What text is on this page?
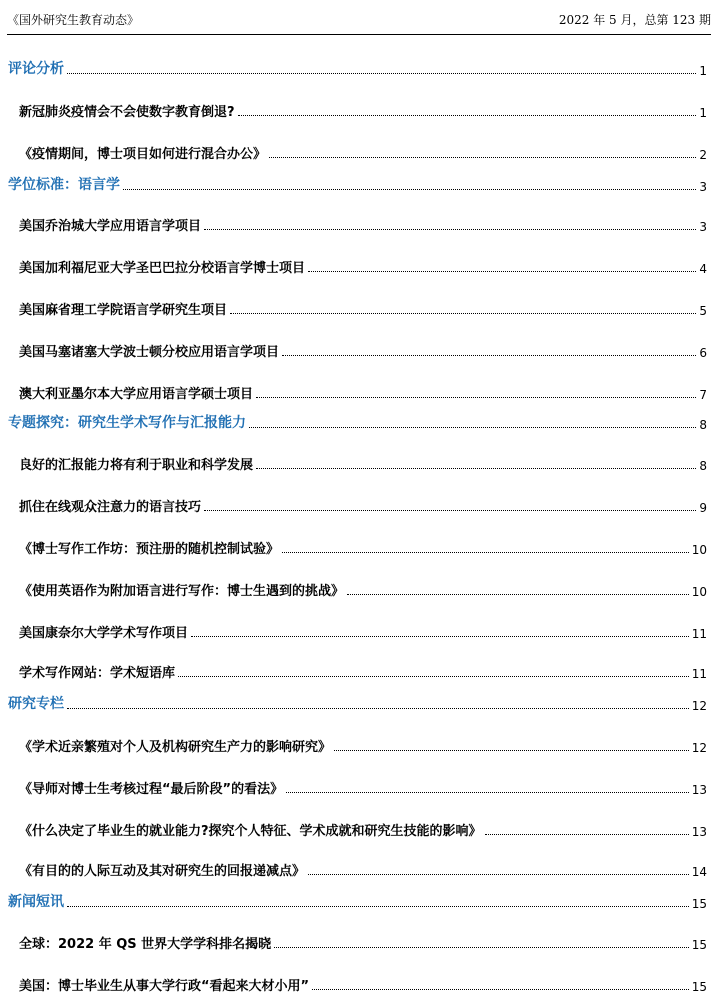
《国外研究生教育动态》	2022 年 5 月，总第 123 期
评论分析	1
新冠肺炎疫情会不会使数字教育倒退?	1
《疫情期间，博士项目如何进行混合办公》	2
学位标准：语言学	3
美国乔治城大学应用语言学项目	3
美国加利福尼亚大学圣巴巴拉分校语言学博士项目	4
美国麻省理工学院语言学研究生项目	5
美国马塞诸塞大学波士顿分校应用语言学项目	6
澳大利亚墨尔本大学应用语言学硕士项目	7
专题探究：研究生学术写作与汇报能力	8
良好的汇报能力将有利于职业和科学发展	8
抓住在线观众注意力的语言技巧	9
《博士写作工作坊：预注册的随机控制试验》	10
《使用英语作为附加语言进行写作：博士生遇到的挑战》	10
美国康奈尔大学学术写作项目	11
学术写作网站：学术短语库	11
研究专栏	12
《学术近亲繁殖对个人及机构研究生产力的影响研究》	12
《导师对博士生考核过程“最后阶段”的看法》	13
《什么决定了毕业生的就业能力?探究个人特征、学术成就和研究生技能的影响》	13
《有目的的人际互动及其对研究生的回报递减点》	14
新闻短讯	15
全球：2022 年 QS 世界大学学科排名揭晓	15
美国：博士毕业生从事大学行政“看起来大材小用”	15
